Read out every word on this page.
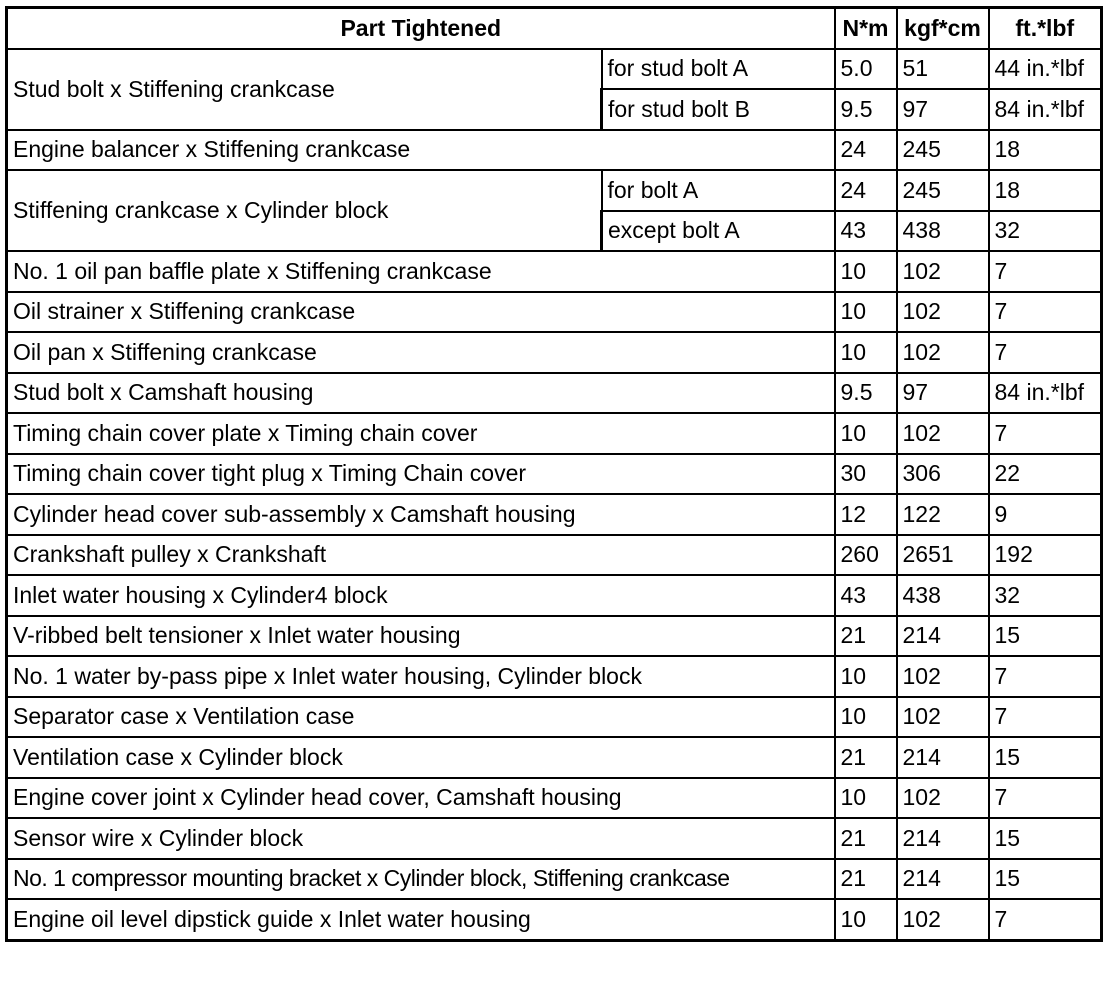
Part Tightened		N*m	kgf*cm	ft.*lbf
Stud bolt x Stiffening crankcase	for stud bolt A	5.0	51	44 in.*lbf
	for stud bolt B	9.5	97	84 in.*lbf
Engine balancer x Stiffening crankcase		24	245	18
Stiffening crankcase x Cylinder block	for bolt A	24	245	18
	except bolt A	43	438	32
No. 1 oil pan baffle plate x Stiffening crankcase		10	102	7
Oil strainer x Stiffening crankcase		10	102	7
Oil pan x Stiffening crankcase		10	102	7
Stud bolt x Camshaft housing		9.5	97	84 in.*lbf
Timing chain cover plate x Timing chain cover		10	102	7
Timing chain cover tight plug x Timing Chain cover		30	306	22
Cylinder head cover sub-assembly x Camshaft housing		12	122	9
Crankshaft pulley x Crankshaft		260	2651	192
Inlet water housing x Cylinder4 block		43	438	32
V-ribbed belt tensioner x Inlet water housing		21	214	15
No. 1 water by-pass pipe x Inlet water housing, Cylinder block		10	102	7
Separator case x Ventilation case		10	102	7
Ventilation case x Cylinder block		21	214	15
Engine cover joint x Cylinder head cover, Camshaft housing		10	102	7
Sensor wire x Cylinder block		21	214	15
No. 1 compressor mounting bracket x Cylinder block, Stiffening crankcase		21	214	15
Engine oil level dipstick guide x Inlet water housing		10	102	7
